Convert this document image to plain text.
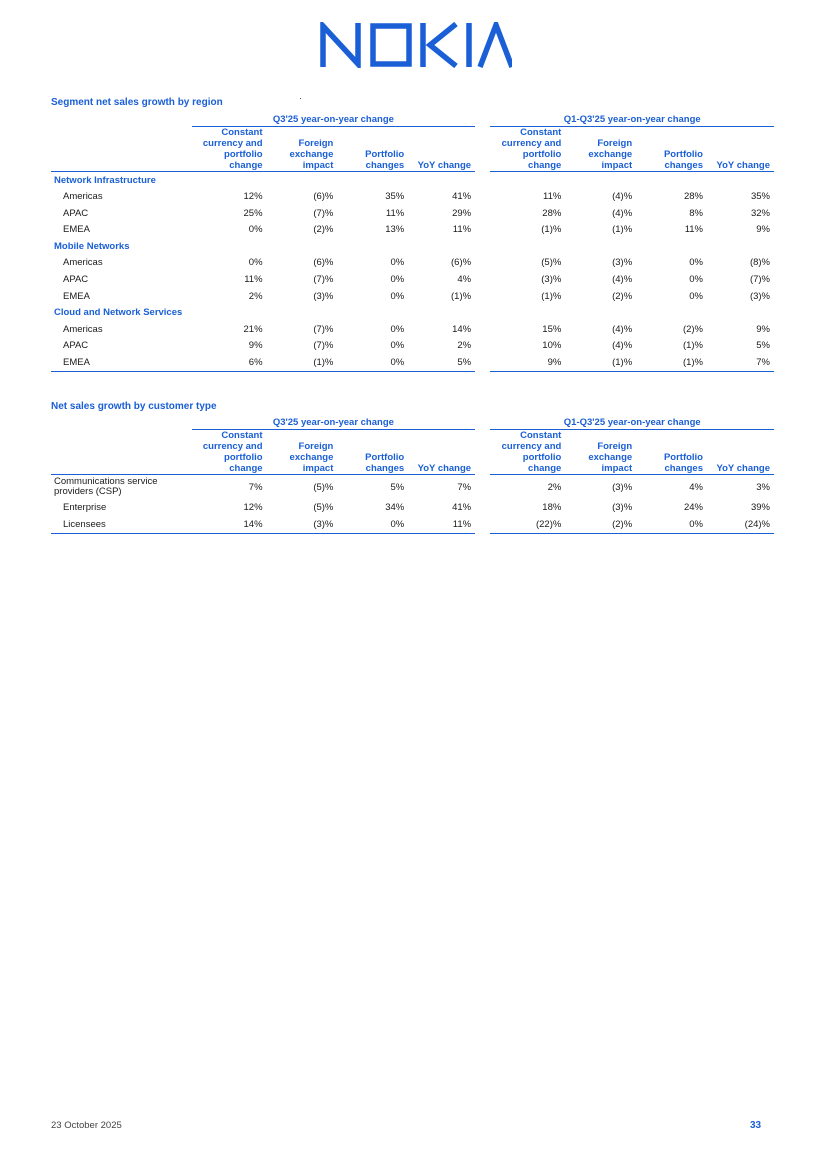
Segment net sales growth by region
	Q3'25 year-on-year change					Q1-Q3'25 year-on-year change			
	Constant
currency and
portfolio
change	Foreign
exchange
impact	Portfolio
changes	YoY change		Constant
currency and
portfolio
change	Foreign
exchange
impact	Portfolio
changes	YoY change
Network Infrastructure									
Americas	12%	(6)%	35%	41%		11%	(4)%	28%	35%
APAC	25%	(7)%	11%	29%		28%	(4)%	8%	32%
EMEA	0%	(2)%	13%	11%		(1)%	(1)%	11%	9%
Mobile Networks									
Americas	0%	(6)%	0%	(6)%		(5)%	(3)%	0%	(8)%
APAC	11%	(7)%	0%	4%		(3)%	(4)%	0%	(7)%
EMEA	2%	(3)%	0%	(1)%		(1)%	(2)%	0%	(3)%
Cloud and Network Services									
Americas	21%	(7)%	0%	14%		15%	(4)%	(2)%	9%
APAC	9%	(7)%	0%	2%		10%	(4)%	(1)%	5%
EMEA	6%	(1)%	0%	5%		9%	(1)%	(1)%	7%
Net sales growth by customer type
	Q3'25 year-on-year change					Q1-Q3'25 year-on-year change			
	Constant
currency and
portfolio
change	Foreign
exchange
impact	Portfolio
changes	YoY change		Constant
currency and
portfolio
change	Foreign
exchange
impact	Portfolio
changes	YoY change
Communications service
providers (CSP)	7%	(5)%	5%	7%		2%	(3)%	4%	3%
Enterprise	12%	(5)%	34%	41%		18%	(3)%	24%	39%
Licensees	14%	(3)%	0%	11%		(22)%	(2)%	0%	(24)%
23 October 2025	33
